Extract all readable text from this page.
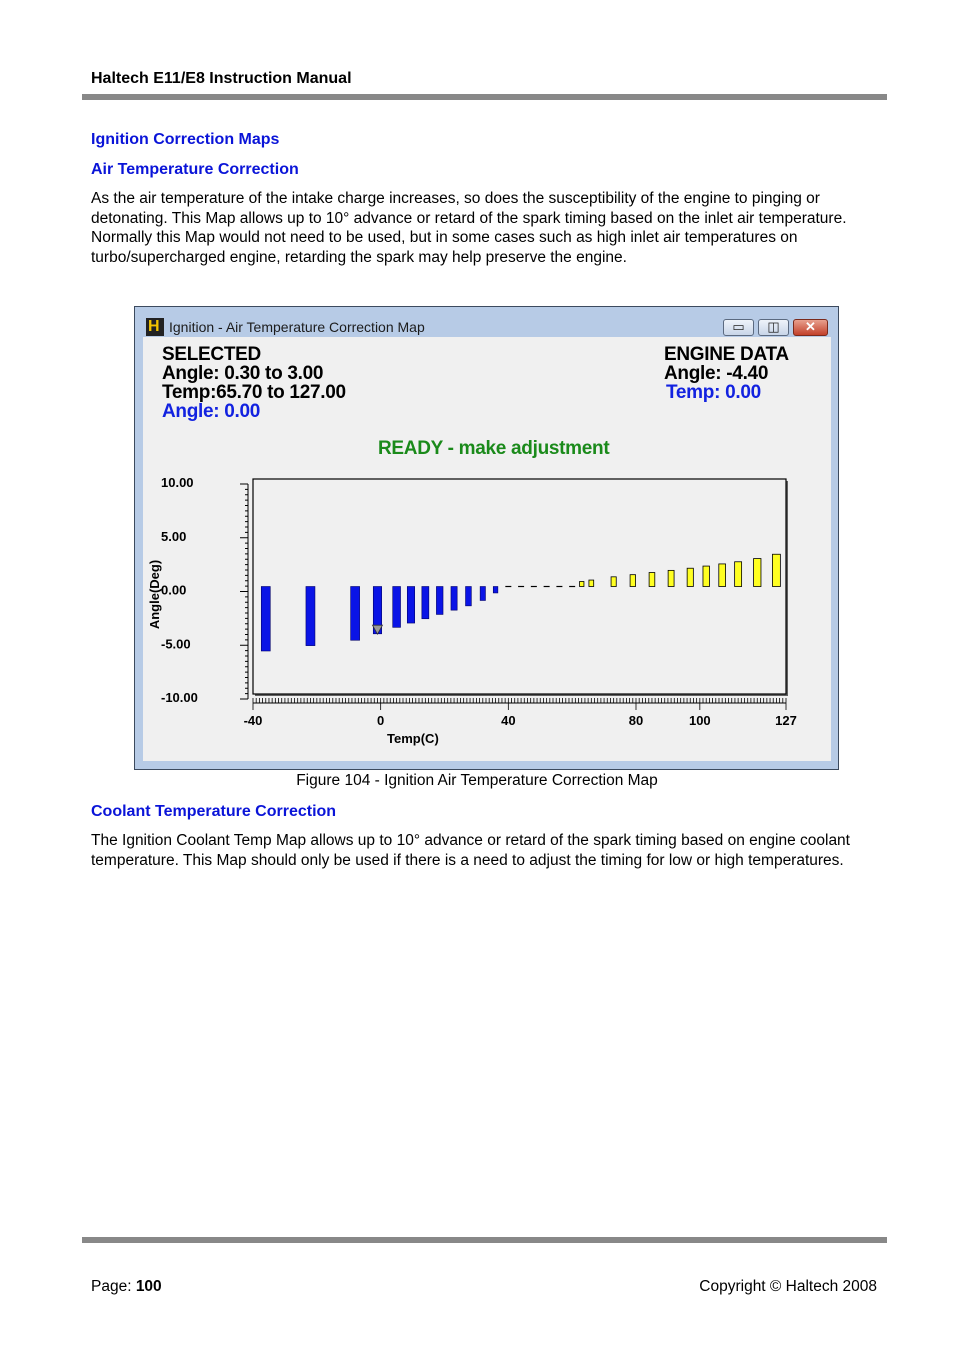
Haltech E11/E8 Instruction Manual
Ignition Correction Maps
Air Temperature Correction
As the air temperature of the intake charge increases, so does the susceptibility of the engine to pinging or detonating. This Map allows up to 10° advance or retard of the spark timing based on the inlet air temperature. Normally this Map would not need to be used, but in some cases such as high inlet air temperatures on turbo/supercharged engine, retarding the spark may help preserve the engine.
H Ignition - Air Temperature Correction Map	▭	◫	✕
SELECTED
Angle: 0.30 to 3.00
Temp:65.70 to 127.00
Angle: 0.00
ENGINE DATA
Angle: -4.40
Temp: 0.00
READY - make adjustment
10.00
5.00
0.00
-5.00
-10.00
Angle(Deg)
-40	0	40	80	100	127
Temp(C)
Figure 104 - Ignition Air Temperature Correction Map
Coolant Temperature Correction
The Ignition Coolant Temp Map allows up to 10° advance or retard of the spark timing based on engine coolant temperature. This Map should only be used if there is a need to adjust the timing for low or high temperatures.
Page: 100	Copyright © Haltech 2008
